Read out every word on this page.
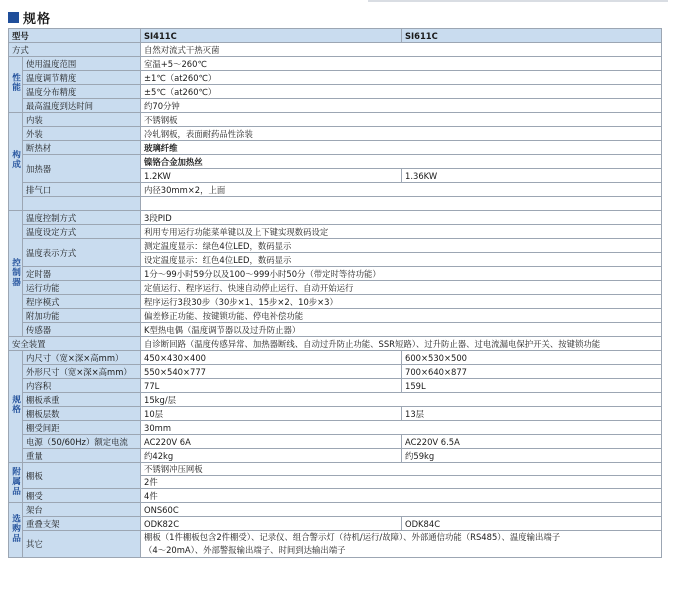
规格
型号		SI411C	SI611C
方式		自然对流式干热灭菌	
性能	使用温度范围	室温+5～260℃	
	温度调节精度	±1℃（at260℃）	
	温度分布精度	±5℃（at260℃）	
	最高温度到达时间	约70分钟	
构成	内装	不锈钢板	
	外装	冷轧钢板，表面耐药品性涂装	
	断热材	玻璃纤维	
	加热器	镍铬合金加热丝	
		1.2KW	1.36KW
	排气口	内径30mm×2，上面	

控制器	温度控制方式	3段PID	
	温度设定方式	利用专用运行功能菜单键以及上下键实现数码设定	
	温度表示方式	测定温度显示：绿色4位LED，数码显示	
		设定温度显示：红色4位LED，数码显示	
	定时器	1分～99小时59分以及100～999小时50分（带定时等待功能）	
	运行功能	定值运行、程序运行、快速自动停止运行、自动开始运行	
	程序模式	程序运行3段30步（30步×1、15步×2、10步×3）	
	附加功能	偏差修正功能、按键锁功能、停电补偿功能	
	传感器	K型热电偶（温度调节器以及过升防止器）	
安全装置		自诊断回路（温度传感异常、加热器断线、自动过升防止功能、SSR短路）、过升防止器、过电流漏电保护开关、按键锁功能	
规格	内尺寸（宽×深×高mm）	450×430×400	600×530×500
	外形尺寸（宽×深×高mm）	550×540×777	700×640×877
	内容积	77L	159L
	棚板承重	15kg/层	
	棚板层数	10层	13层
	棚受间距	30mm	
	电源（50/60Hz）额定电流	AC220V 6A	AC220V 6.5A
	重量	约42kg	约59kg
附属品	棚板	不锈钢冲压网板
2件	

	棚受	4件	
选购品	架台	ONS60C	
	重叠支架	ODK82C	ODK84C
	其它	棚板（1件棚板包含2件棚受）、记录仪、组合警示灯（待机/运行/故障）、外部通信功能（RS485）、温度输出端子
（4～20mA）、外部警报输出端子、时间到达输出端子	
